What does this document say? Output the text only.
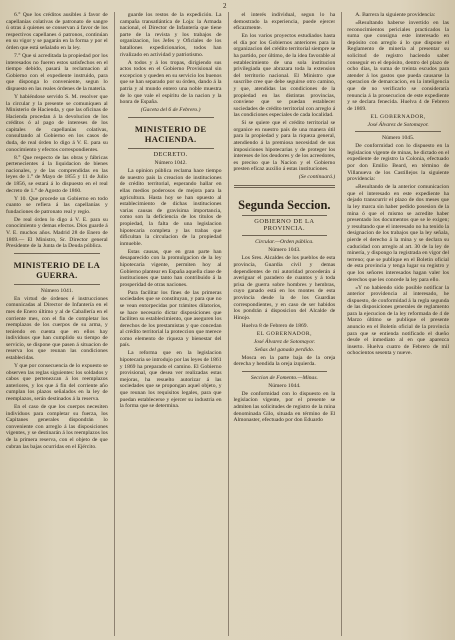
2

6.° Que los créditos ausibles á favor de capellanías colativas de patronato de sangre ú otras á quienes se conservan á favor de los respectivos capellanes ó patronos, continúan en su vigor y se pagarán en la forma y por el órden que está señalado en la ley.

7.° Que si acreditada la propiedad por los interesados no fueren estos satisfechos en el tiempo debido, pasará la reclamacion al Gobierno con el expediente instruido, para que disponga lo conveniente, segun lo dispuesto en las reales órdenes de la materia.

Y habiéndose servido S. M. resolver que la circular y la presente se comuniquen al Ministerio de Hacienda, y que las oficinas de Hacienda procedan á la devolucion de los créditos ó al pago de intereses de los capitales de capellanías colativas, consultando al Gobierno en los casos de duda, de real órden lo digo á V. E. para su conocimiento y efectos correspondientes.

8.° Que respecto de las obras y fábricas pertenecientes á la liquidacion de bienes nacionales, y de las comprendidas en las leyes de 1.° de Mayo de 1855 y 11 de Julio de 1856, se estará á lo dispuesto en el real decreto de 1.° de Agosto de 1860.

Y 10. Que procede un Gobierno en todo cuanto se refiera á las capellanías y fundaciones de patronato real y regio.

De real órden lo digo á V. E. para su conocimiento y demas efectos. Dios guarde á V. E. muchos años. Madrid 28 de Enero de 1869.— El Ministro, Sr. Director general Presidente de la Junta de la Deuda pública.

MINISTERIO DE LA GUERRA.

Número 1041.

En virtud de órdenes é instrucciones comunicadas al Director de Infantería en el mes de Enero último y al de Caballería en el corriente mes, con el fin de completar los reemplazos de los cuerpos de su arma, y teniendo en cuenta que en ellos hay individuos que han cumplido su tiempo de servicio, se dispone que pasen á situacion de reserva los que reunan las condiciones establecidas.

Y que por consecuencia de lo expuesto se observen las reglas siguientes: los soldados y cabos que pertenezcan á los reemplazos anteriores, y los que á fin del corriente año cumplan los plazos señalados en la ley de reemplazos, serán destinados á la reserva.

En el caso de que los cuerpos necesiten individuos para completar su fuerza, los Capitanes generales dispondrán lo conveniente con arreglo á las disposiciones vigentes, y se destinarán á los reemplazos los de la primera reserva, con el objeto de que cubran las bajas ocurridas en el Ejército.

guarde los restos de la expedición. La campaña transatlántica de Loja: la Armada nacional, el Director de Infantería que tiene parte de la revista y los trabajos de organizacion, los Jefes y Oficiales de los batallones expedicionarios, todos han rivalizado en actividad y patriotismo.

A todos y á los tropas, dirigiendo sus actos todos en el Gobierno Provisional sin excepcion y queden en su servicio los buenos que se han separado por su órden, dando á la patria y al mundo entero una noble muestra de lo que vale el espíritu de la nacion y la honra de España.

(Gaceta del 6 de Febrero.)

MINISTERIO DE HACIENDA.

DECRETO.

Número 1042.

La opinion pública reclama hace tiempo de nuestro país la creacion de instituciones de crédito territorial, esperando hallar en ellas medios poderosos de mejora para la agricultura. Hasta hoy se han opuesto al establecimiento de dichas instituciones varias causas de gravísima importancia, como son la deficiencia de los títulos de propiedad, la falta de una legislacion hipotecaria completa y las trabas que dificultan la circulacion de la propiedad inmueble.

Estas causas, que en gran parte han desaparecido con la promulgacion de la ley hipotecaria vigente, permiten hoy al Gobierno plantear en España aquella clase de instituciones que tanto han contribuido á la prosperidad de otras naciones.

Para facilitar los fines de las primeras sociedades que se constituyan, y para que no se vean entorpecidas por trámites dilatorios, se hace necesario dictar disposiciones que faciliten su establecimiento, que aseguren los derechos de los prestamistas y que concedan al crédito territorial la proteccion que merece como elemento de riqueza y bienestar del país.

La reforma que en la legislacion hipotecaria se introdujo por las leyes de 1861 y 1869 ha preparado el camino. El Gobierno provisional, que desea ver realizadas estas mejoras, ha resuelto autorizar á las sociedades que se propongan aquel objeto, y que reunan los requisitos legales, para que puedan establecerse y ejercer su industria en la forma que se determina.

el interés individual, segun lo ha demostrado la experiencia, puede ejercer eficazmente.

En los varios proyectos estudiados hasta el día por los Gobiernos anteriores para la organizacion del crédito territorial siempre se ha partido, por último, de la idea favorable al establecimiento de una sola institucion privilegiada que abrazara toda la extension del territorio nacional. El Ministro que suscribe cree que debe seguirse otro camino, y que, atendidas las condiciones de la propiedad en las distintas provincias, conviene que se puedan establecer sociedades de crédito territorial con arreglo á las condiciones especiales de cada localidad.

Si se quiere que el crédito territorial se organice en nuestro país de una manera útil para la propiedad y para la riqueza general, atendiendo á la premiosa necesidad de sus imposiciones hipotecarias y de proteger los intereses de los deudores y de los acreedores, es preciso que la Nacion y el Gobierno presten eficaz auxilio á estas instituciones.

(Se continuará.)

Segunda Seccion.

GOBIERNO DE LA PROVINCIA.

Circular.—Orden pública.

Número 1043.

Los Sres. Alcaldes de los pueblos de esta provincia, Guardia civil y demas dependientes de mi autoridad procederán á averiguar el paradero de cuantos y á toda prisa de guerra sobre hombres y hembras, cuyo ganado está en los montes de esta provincia desde la de los Guardias correspondientes, y en caso de ser habidos los pondrán á disposicion del Alcalde de Hinojo.

Huelva 8 de Febrero de 1869.

EL GOBERNADOR,

José Álvarez de Sotomayor.

Señas del ganado perdido.

Mosca en la parte baja de la oreja derecha y hendida la oreja izquierda.

Seccion de Fomento.—Minas.

Número 1044.

De conformidad con lo dispuesto en la legislacion vigente, por el presente se admiten las solicitudes de registro de la mina denominada Gilo, situada en término de El Almonaster, efectuado por don Eduardo

A. Barrera la siguiente providencia:

«Resultando haberse invertido en las reconocimientos periciales practicados la suma que consigna este interesado en depósito con arreglo á lo que dispone el Reglamento de minería al presentar su solicitud de registro haciendo saber conseguir en el depósito, dentro del plazo de ocho días, la suma de treinta escudos para atender á los gastos que pueda causarse la operacion de demarcacion, en la inteligencia que de no verificarlo se consideraría renuncia á la prosecucion de este expediente y se declara fenecida. Huelva 4 de Febrero de 1869.

EL GOBERNADOR,

José Álvarez de Sotomayor.

Número 1045.

De conformidad con lo dispuesto en la legislacion vigente de minas, he dictado en el expediente de registro la Colonia, efectuado por don Emilio Beard, en término de Villanueva de los Castillejos la siguiente providencia:

«Resultando de la anterior comunicacion que el interesado en este expediente ha dejado transcurrir el plazo de dos meses que la ley marca sin haber pedido posesion de la mina ó que el mismo se acredite haber presentado los documentos que se le exigen; y resultando que el interesado no ha tenido la designacion de los trabajos que la ley señala, pierde el derecho á la mina y se declara su caducidad con arreglo al art. 30 de la ley de minería, y dispongo la registrada en vigor del terreno; que se publique en el Boletin oficial de esta provincia y tenga lugar su registro y que los señores interesados hagan valer los derechos que les concede la ley para ello.

«Y no habiendo sido posible notificar la anterior providencia al interesado, he dispuesto, de conformidad á la regla segunda de las disposiciones generales de reglamento para la ejecucion de la ley reformada de 4 de Marzo último se publique el presente anuncio en el Boletín oficial de la provincia para que se entienda notificado el dueño desde el inmediato al en que aparezca inserto. Huelva cuatro de Febrero de mil ochocientos sesenta y nueve.
